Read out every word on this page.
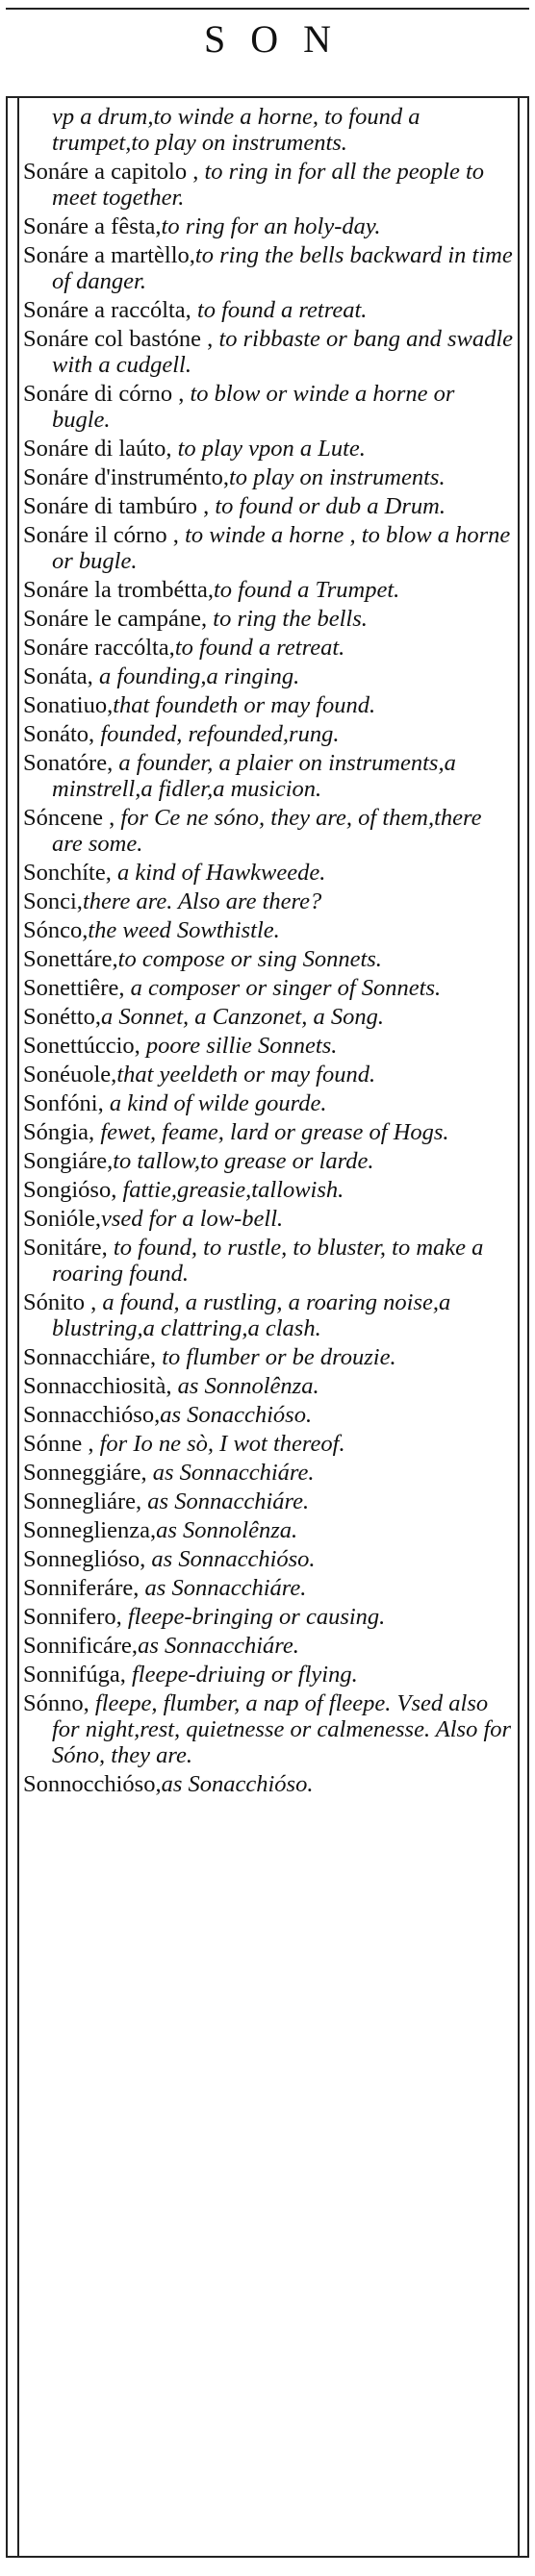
SON
vp a drum,to winde a horne, to found a trumpet,to play on instruments.
Sonáre a capitolo , to ring in for all the people to meet together.
Sonáre a fêsta,to ring for an holy-day.
Sonáre a martèllo,to ring the bells backward in time of danger.
Sonáre a raccólta, to found a retreat.
Sonáre col bastóne , to ribbaste or bang and swadle with a cudgell.
Sonáre di córno , to blow or winde a horne or bugle.
Sonáre di laúto, to play vpon a Lute.
Sonáre d'instruménto,to play on instruments.
Sonáre di tambúro , to found or dub a Drum.
Sonáre il córno , to winde a horne , to blow a horne or bugle.
Sonáre la trombétta,to found a Trumpet.
Sonáre le campáne, to ring the bells.
Sonáre raccólta,to found a retreat.
Sonáta, a founding,a ringing.
Sonatiuo,that foundeth or may found.
Sonáto, founded, refounded,rung.
Sonatóre, a founder, a plaier on instruments,a minstrell,a fidler,a musicion.
Sóncene , for Ce ne sóno, they are, of them,there are some.
Sonchíte, a kind of Hawkweede.
Sonci,there are. Also are there?
Sónco,the weed Sowthistle.
Sonettáre,to compose or sing Sonnets.
Sonettiêre, a composer or singer of Sonnets.
Sonétto,a Sonnet, a Canzonet, a Song.
Sonettúccio, poore sillie Sonnets.
Sonéuole,that yeeldeth or may found.
Sonfóni, a kind of wilde gourde.
Sóngia, fewet, feame, lard or grease of Hogs.
Songiáre,to tallow,to grease or larde.
Songióso, fattie,greasie,tallowish.
Sonióle,vsed for a low-bell.
Sonitáre, to found, to rustle, to bluster, to make a roaring found.
Sónito , a found, a rustling, a roaring noise,a blustring,a clattring,a clash.
Sonnacchiáre, to flumber or be drouzie.
Sonnacchiosità, as Sonnolênza.
Sonnacchióso,as Sonacchióso.
Sónne , for Io ne sò, I wot thereof.
Sonneggiáre, as Sonnacchiáre.
Sonnegliáre, as Sonnacchiáre.
Sonneglienza,as Sonnolênza.
Sonneglióso, as Sonnacchióso.
Sonniferáre, as Sonnacchiáre.
Sonnifero, fleepe-bringing or causing.
Sonnificáre,as Sonnacchiáre.
Sonnifúga, fleepe-driuing or flying.
Sónno, fleepe, flumber, a nap of fleepe. Vsed also for night,rest, quietnesse or calmenesse. Also for Sóno, they are.
Sonnocchióso,as Sonacchióso.
